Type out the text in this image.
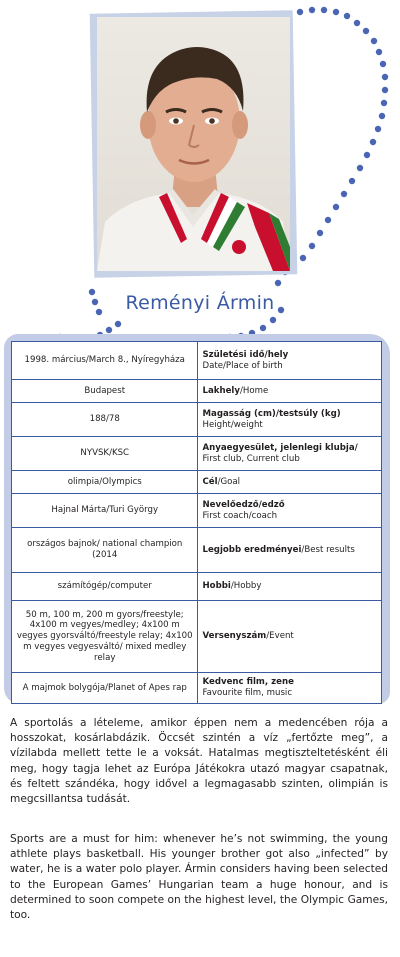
Reményi Ármin
1998. március/March 8., Nyíregyháza	Születési idő/hely
Date/Place of birth
Budapest	Lakhely/Home
188/78	Magasság (cm)/testsúly (kg)
Height/weight
NYVSK/KSC	Anyaegyesület, jelenlegi klubja/
First club, Current club
olimpia/Olympics	Cél/Goal
Hajnal Márta/Turi György	Nevelőedző/edző
First coach/coach
országos bajnok/ national champion (2014	Legjobb eredményei/Best results
számítógép/computer	Hobbi/Hobby
50 m, 100 m, 200 m gyors/freestyle; 4x100 m vegyes/medley; 4x100 m vegyes gyorsváltó/freestyle relay; 4x100 m vegyes vegyesváltó/ mixed medley relay	Versenyszám/Event
A majmok bolygója/Planet of Apes rap	Kedvenc film, zene
Favourite film, music

A sportolás a lételeme, amikor éppen nem a medencében rója a hosszokat, kosárlabdázik. Öccsét szintén a víz „fertőzte meg”, a vízilabda mellett tette le a voksát. Hatalmas megtiszteltetésként éli meg, hogy tagja lehet az Európa Játékokra utazó magyar csapatnak, és feltett szándéka, hogy idővel a legmagasabb szinten, olimpián is megcsillantsa tudását.

Sports are a must for him: whenever he’s not swimming, the young athlete plays basketball. His younger brother got also „infected” by water, he is a water polo player. Ármin considers having been selected to the European Games’ Hungarian team a huge honour, and is determined to soon compete on the highest level, the Olympic Games, too.
